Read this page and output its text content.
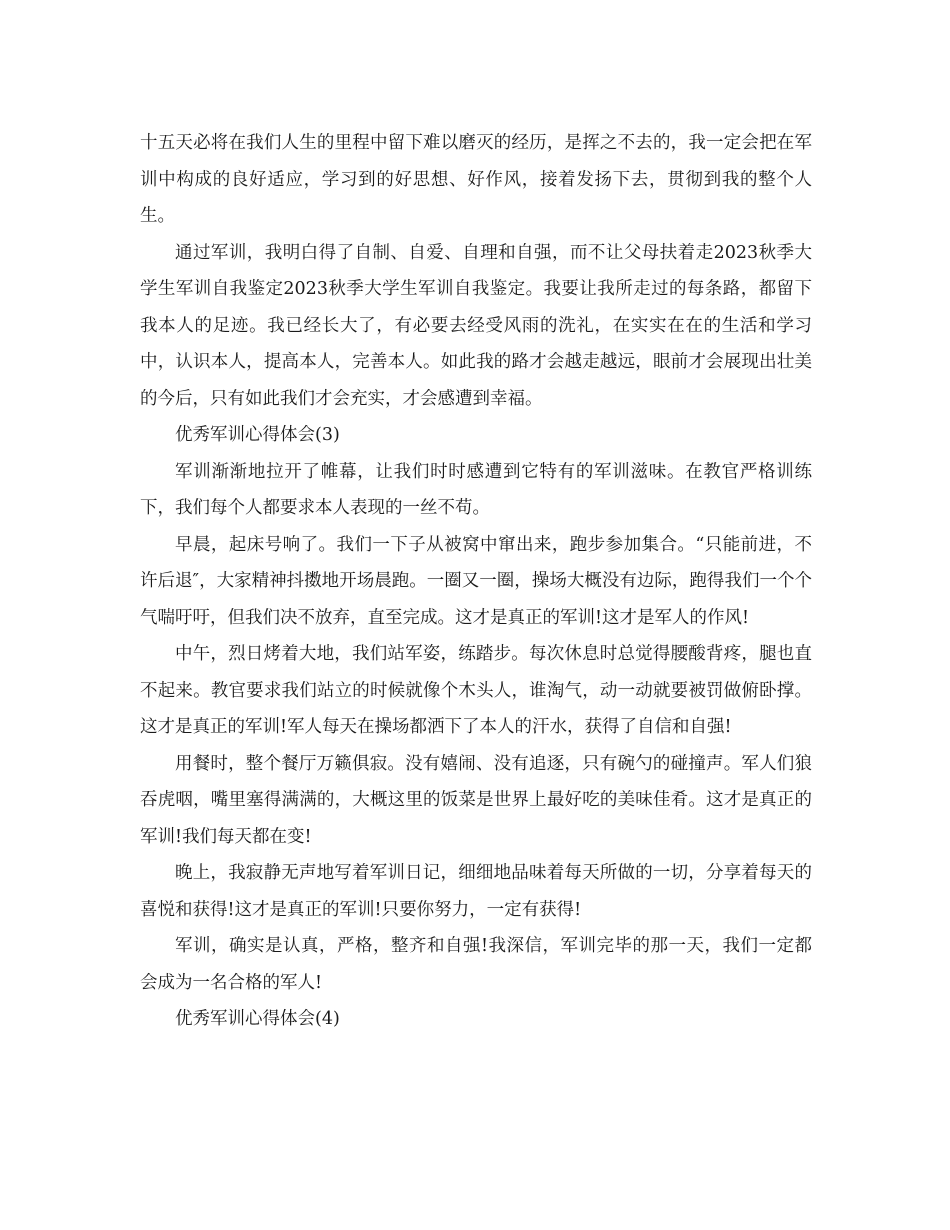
十五天必将在我们人生的里程中留下难以磨灭的经历，是挥之不去的，我一定会把在军训中构成的良好适应，学习到的好思想、好作风，接着发扬下去，贯彻到我的整个人生。

通过军训，我明白得了自制、自爱、自理和自强，而不让父母扶着走2023秋季大学生军训自我鉴定2023秋季大学生军训自我鉴定。我要让我所走过的每条路，都留下我本人的足迹。我已经长大了，有必要去经受风雨的洗礼，在实实在在的生活和学习中，认识本人，提高本人，完善本人。如此我的路才会越走越远，眼前才会展现出壮美的今后，只有如此我们才会充实，才会感遭到幸福。

优秀军训心得体会(3)

军训渐渐地拉开了帷幕，让我们时时感遭到它特有的军训滋味。在教官严格训练下，我们每个人都要求本人表现的一丝不苟。

早晨，起床号响了。我们一下子从被窝中窜出来，跑步参加集合。“只能前进，不许后退″，大家精神抖擞地开场晨跑。一圈又一圈，操场大概没有边际，跑得我们一个个气喘吁吁，但我们决不放弃，直至完成。这才是真正的军训!这才是军人的作风!

中午，烈日烤着大地，我们站军姿，练踏步。每次休息时总觉得腰酸背疼，腿也直不起来。教官要求我们站立的时候就像个木头人，谁淘气，动一动就要被罚做俯卧撑。这才是真正的军训!军人每天在操场都洒下了本人的汗水，获得了自信和自强!

用餐时，整个餐厅万籁俱寂。没有嬉闹、没有追逐，只有碗勺的碰撞声。军人们狼吞虎咽，嘴里塞得满满的，大概这里的饭菜是世界上最好吃的美味佳肴。这才是真正的军训!我们每天都在变!

晚上，我寂静无声地写着军训日记，细细地品味着每天所做的一切，分享着每天的喜悦和获得!这才是真正的军训!只要你努力，一定有获得!

军训，确实是认真，严格，整齐和自强!我深信，军训完毕的那一天，我们一定都会成为一名合格的军人!

优秀军训心得体会(4)
